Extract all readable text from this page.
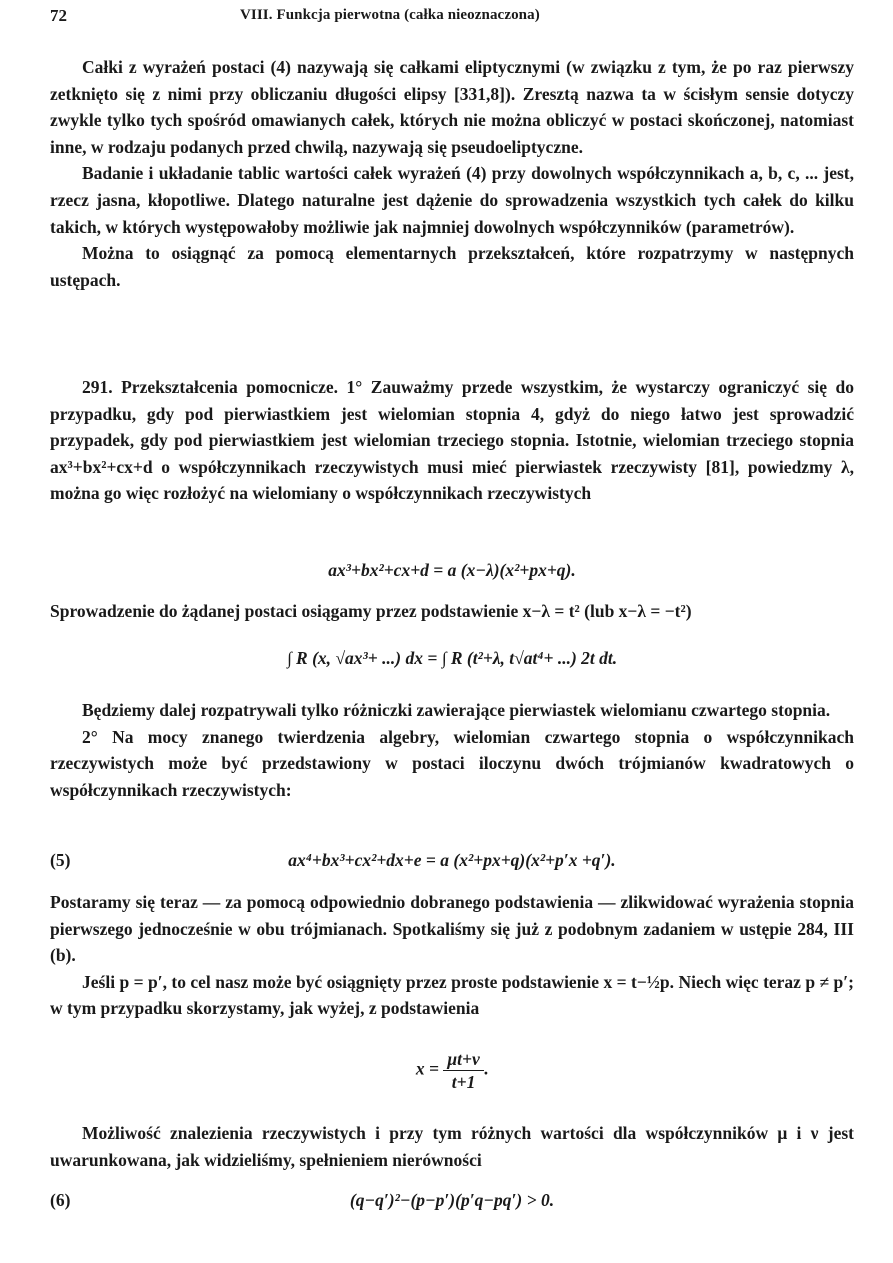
72	VIII. Funkcja pierwotna (całka nieoznaczona)

Całki z wyrażeń postaci (4) nazywają się całkami eliptycznymi (w związku z tym, że po raz pierwszy zetknięto się z nimi przy obliczaniu długości elipsy [331,8]). Zresztą nazwa ta w ścisłym sensie dotyczy zwykle tylko tych spośród omawianych całek, których nie można obliczyć w postaci skończonej, natomiast inne, w rodzaju podanych przed chwilą, nazywają się pseudoeliptyczne.

Badanie i układanie tablic wartości całek wyrażeń (4) przy dowolnych współczynnikach a, b, c, ... jest, rzecz jasna, kłopotliwe. Dlatego naturalne jest dążenie do sprowadzenia wszystkich tych całek do kilku takich, w których występowałoby możliwie jak najmniej dowolnych współczynników (parametrów).

Można to osiągnąć za pomocą elementarnych przekształceń, które rozpatrzymy w następnych ustępach.

291. Przekształcenia pomocnicze. 1° Zauważmy przede wszystkim, że wystarczy ograniczyć się do przypadku, gdy pod pierwiastkiem jest wielomian stopnia 4, gdyż do niego łatwo jest sprowadzić przypadek, gdy pod pierwiastkiem jest wielomian trzeciego stopnia. Istotnie, wielomian trzeciego stopnia ax³+bx²+cx+d o współczynnikach rzeczywistych musi mieć pierwiastek rzeczywisty [81], powiedzmy λ, można go więc rozłożyć na wielomiany o współczynnikach rzeczywistych

ax³+bx²+cx+d = a (x−λ)(x²+px+q).

Sprowadzenie do żądanej postaci osiągamy przez podstawienie x−λ = t² (lub x−λ = −t²)

∫ R (x, √ax³+ ...) dx = ∫ R (t²+λ, t√at⁴+ ...) 2t dt.

Będziemy dalej rozpatrywali tylko różniczki zawierające pierwiastek wielomianu czwartego stopnia.

2° Na mocy znanego twierdzenia algebry, wielomian czwartego stopnia o współczynnikach rzeczywistych może być przedstawiony w postaci iloczynu dwóch trójmianów kwadratowych o współczynnikach rzeczywistych:

(5)	ax⁴+bx³+cx²+dx+e = a (x²+px+q)(x²+p′x +q′).

Postaramy się teraz — za pomocą odpowiednio dobranego podstawienia — zlikwidować wyrażenia stopnia pierwszego jednocześnie w obu trójmianach. Spotkaliśmy się już z podobnym zadaniem w ustępie 284, III (b).

Jeśli p = p′, to cel nasz może być osiągnięty przez proste podstawienie x = t−½p. Niech więc teraz p ≠ p′; w tym przypadku skorzystamy, jak wyżej, z podstawienia

$x = \frac{\mu t+\nu}{t+1}$ .

Możliwość znalezienia rzeczywistych i przy tym różnych wartości dla współczynników μ i ν jest uwarunkowana, jak widzieliśmy, spełnieniem nierówności

(6)	(q−q′)²−(p−p′)(p′q−pq′) > 0.
